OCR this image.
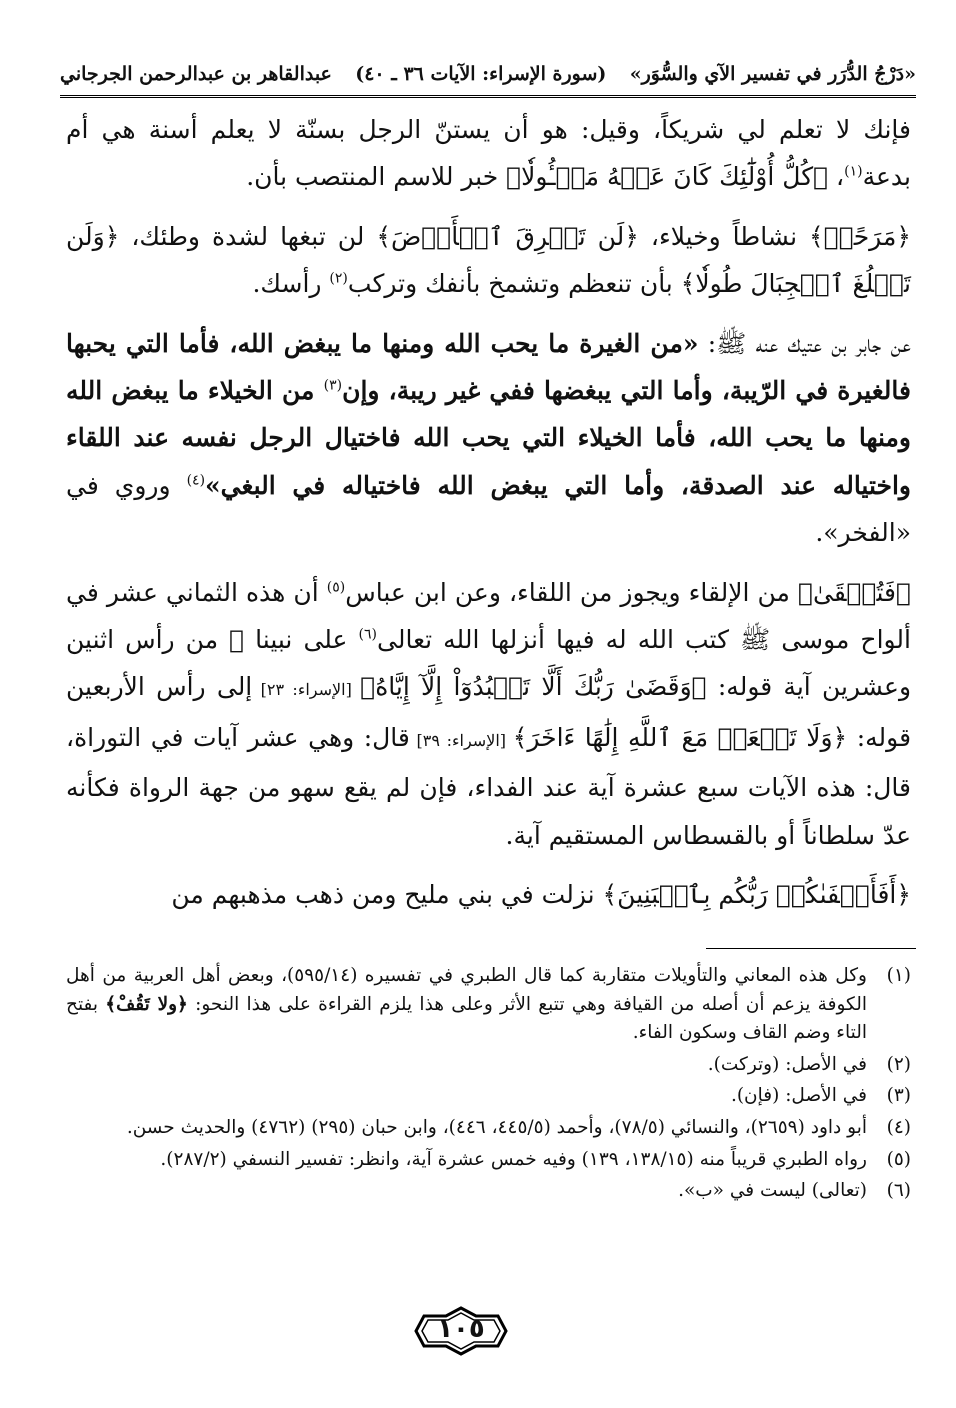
«دَرْجُ الدُّرَر في تفسير الآي والسُّوَر»
(سورة الإسراء: الآيات ٣٦ ـ ٤٠)
عبدالقاهر بن عبدالرحمن الجرجاني

فإنك لا تعلم لي شريكاً، وقيل: هو أن يستنّ الرجل بسنّة لا يعلم أسنة هي أم بدعة$^{(١)}$، ﴿كُلُّ أُوْلَٰٓئِكَ كَانَ عَنۡهُ مَسۡـُٔولٗا﴾ خبر للاسم المنتصب بأن.

﴿مَرَحًاۖ﴾ نشاطاً وخيلاء، ﴿لَن تَخۡرِقَ ٱلۡأَرۡضَ﴾ لن تبغها لشدة وطئك، ﴿وَلَن تَبۡلُغَ ٱلۡجِبَالَ طُولٗا﴾ بأن تنعظم وتشمخ بأنفك وتركب$^{(٢)}$ رأسك.

عن جابر بن عتيك عنه ﷺ: «من الغيرة ما يحب الله ومنها ما يبغض الله، فأما التي يحبها فالغيرة في الرّيبة، وأما التي يبغضها ففي غير ريبة، وإن$^{(٣)}$ من الخيلاء ما يبغض الله ومنها ما يحب الله، فأما الخيلاء التي يحب الله فاختيال الرجل نفسه عند اللقاء واختياله عند الصدقة، وأما التي يبغض الله فاختياله في البغي»$^{(٤)}$ وروي في «الفخر».

﴿فَتُلۡقَىٰ﴾ من الإلقاء ويجوز من اللقاء، وعن ابن عباس$^{(٥)}$ أن هذه الثماني عشر في ألواح موسى ﷺ كتب الله له فيها أنزلها الله تعالى$^{(٦)}$ على نبينا ﷺ من رأس اثنين وعشرين آية قوله: ﴿وَقَضَىٰ رَبُّكَ أَلَّا تَعۡبُدُوٓاْ إِلَّآ إِيَّاهُ﴾ [الإسراء: ٢٣] إلى رأس الأربعين قوله: ﴿وَلَا تَجۡعَلۡ مَعَ ٱللَّهِ إِلَٰهًا ءَاخَرَ﴾ [الإسراء: ٣٩] قال: وهي عشر آيات في التوراة، قال: هذه الآيات سبع عشرة آية عند الفداء، فإن لم يقع سهو من جهة الرواة فكأنه عدّ سلطاناً أو بالقسطاس المستقيم آية.

﴿أَفَأَصۡفَىٰكُمۡ رَبُّكُم بِٱلۡبَنِينَ﴾ نزلت في بني مليح ومن ذهب مذهبهم من

(١)
وكل هذه المعاني والتأويلات متقاربة كما قال الطبري في تفسيره (٥٩٥/١٤)، وبعض أهل العربية من أهل الكوفة يزعم أن أصله من القيافة وهي تتبع الأثر وعلى هذا يلزم القراءة على هذا النحو: ﴿ولا تَقُفْ﴾ بفتح التاء وضم القاف وسكون الفاء.
(٢)
في الأصل: (وتركت).
(٣)
في الأصل: (فإن).
(٤)
أبو داود (٢٦٥٩)، والنسائي (٧٨/٥)، وأحمد (٤٤٥/٥، ٤٤٦)، وابن حبان (٢٩٥) (٤٧٦٢) والحديث حسن.
(٥)
رواه الطبري قريباً منه (١٣٨/١٥، ١٣٩) وفيه خمس عشرة آية، وانظر: تفسير النسفي (٢٨٧/٢).
(٦)
(تعالى) ليست في «ب».
١٠٥
